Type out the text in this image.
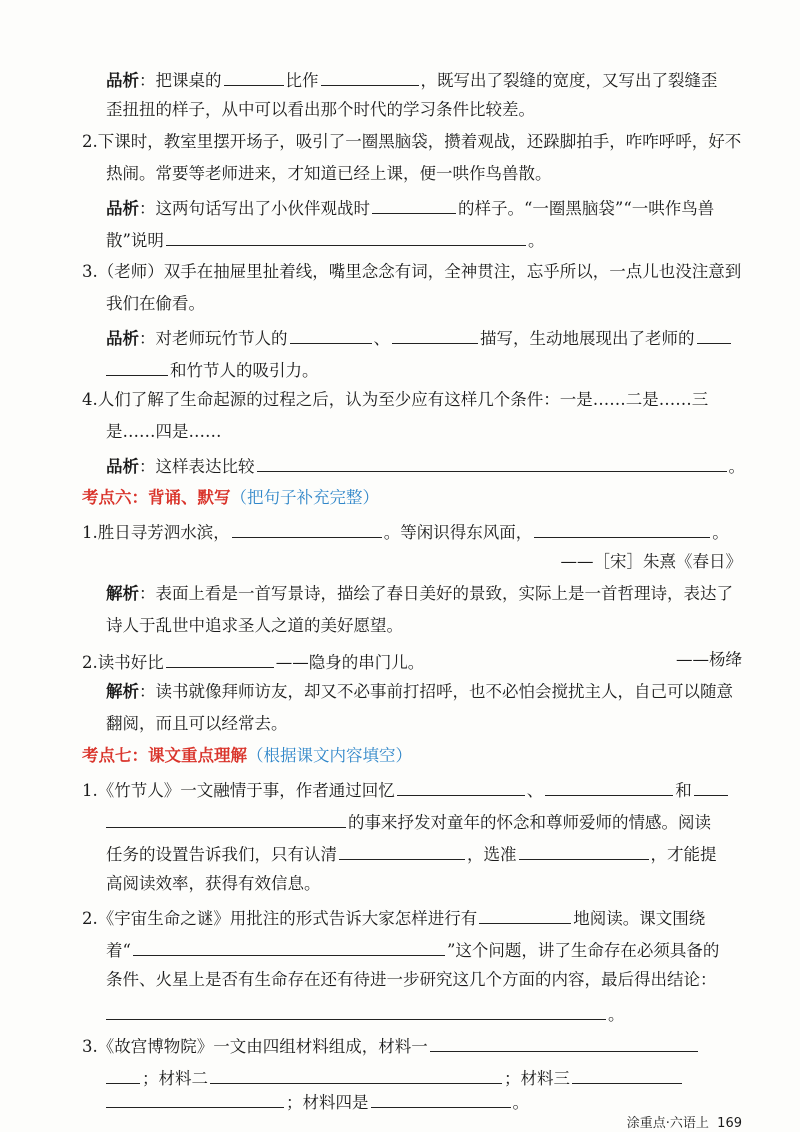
品析：把课桌的	比作	，既写出了裂缝的宽度，又写出了裂缝歪
歪扭扭的样子，从中可以看出那个时代的学习条件比较差。
2.下课时，教室里摆开场子，吸引了一圈黑脑袋，攒着观战，还跺脚拍手，咋咋呼呼，好不
热闹。常要等老师进来，才知道已经上课，便一哄作鸟兽散。
品析：这两句话写出了小伙伴观战时	的样子。“一圈黑脑袋”“一哄作鸟兽
散”说明	。
3.（老师）双手在抽屉里扯着线，嘴里念念有词，全神贯注，忘乎所以，一点儿也没注意到
我们在偷看。
品析：对老师玩竹节人的	、	描写，生动地展现出了老师的
和竹节人的吸引力。
4.人们了解了生命起源的过程之后，认为至少应有这样几个条件：一是……二是……三
是……四是……
品析：这样表达比较	。
考点六：背诵、默写（把句子补充完整）
1.胜日寻芳泗水滨，	。等闲识得东风面，	。
——［宋］朱熹《春日》
解析：表面上看是一首写景诗，描绘了春日美好的景致，实际上是一首哲理诗，表达了
诗人于乱世中追求圣人之道的美好愿望。
2.读书好比	——隐身的串门儿。	——杨绛
解析：读书就像拜师访友，却又不必事前打招呼，也不必怕会搅扰主人，自己可以随意
翻阅，而且可以经常去。
考点七：课文重点理解（根据课文内容填空）
1.《竹节人》一文融情于事，作者通过回忆	、	和
的事来抒发对童年的怀念和尊师爱师的情感。阅读
任务的设置告诉我们，只有认清	，选准	，才能提
高阅读效率，获得有效信息。
2.《宇宙生命之谜》用批注的形式告诉大家怎样进行有	地阅读。课文围绕
着“	”这个问题，讲了生命存在必须具备的
条件、火星上是否有生命存在还有待进一步研究这几个方面的内容，最后得出结论：
。
3.《故宫博物院》一文由四组材料组成，材料一
；材料二	；材料三
；材料四是	。
涂重点·六语上 169
